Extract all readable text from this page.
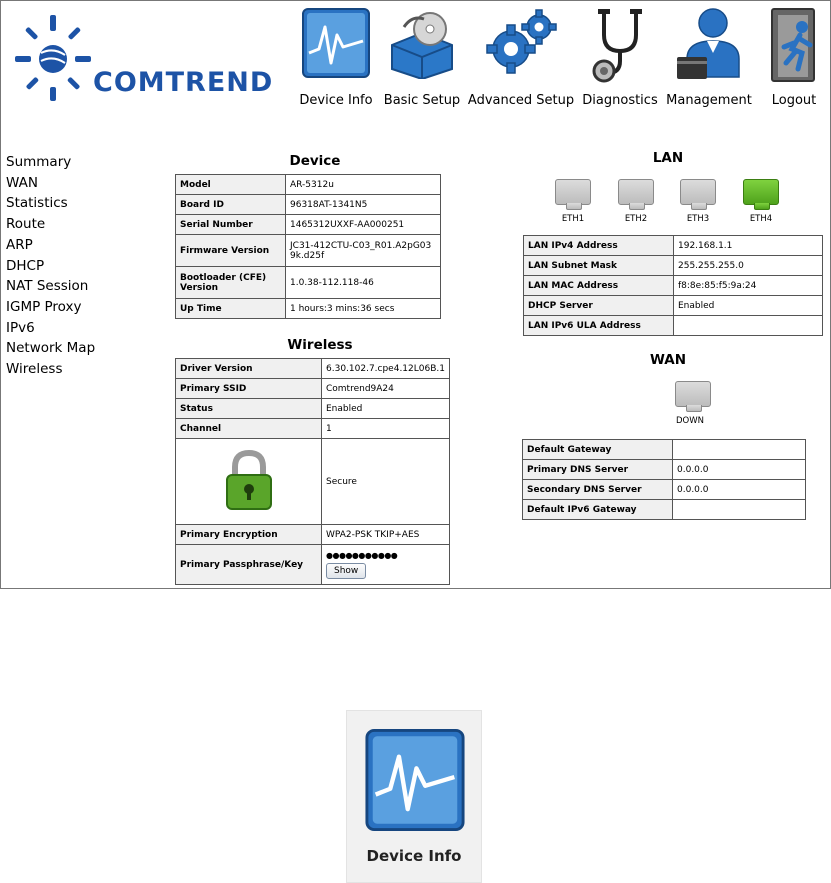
COMTREND
Device Info Basic Setup Advanced Setup Diagnostics Management	Logout
Summary
WAN
Statistics
Route
ARP
DHCP
NAT Session
IGMP Proxy
IPv6
Network Map
Wireless
Device
Model	AR-5312u
Board ID	96318AT-1341N5
Serial Number	1465312UXXF-AA000251
Firmware Version	JC31-412CTU-C03_R01.A2pG039k.d25f
Bootloader (CFE) Version	1.0.38-112.118-46
Up Time	1 hours:3 mins:36 secs
Wireless
Driver Version	6.30.102.7.cpe4.12L06B.1
Primary SSID	Comtrend9A24
Status	Enabled
Channel	1
	Secure
Primary Encryption	WPA2-PSK TKIP+AES
Primary Passphrase/Key	●●●●●●●●●●●
Show
LAN
ETH1	ETH2	ETH3	ETH4
LAN IPv4 Address	192.168.1.1
LAN Subnet Mask	255.255.255.0
LAN MAC Address	f8:8e:85:f5:9a:24
DHCP Server	Enabled
LAN IPv6 ULA Address	
WAN
DOWN
Default Gateway	
Primary DNS Server	0.0.0.0
Secondary DNS Server	0.0.0.0
Default IPv6 Gateway	
Device Info
